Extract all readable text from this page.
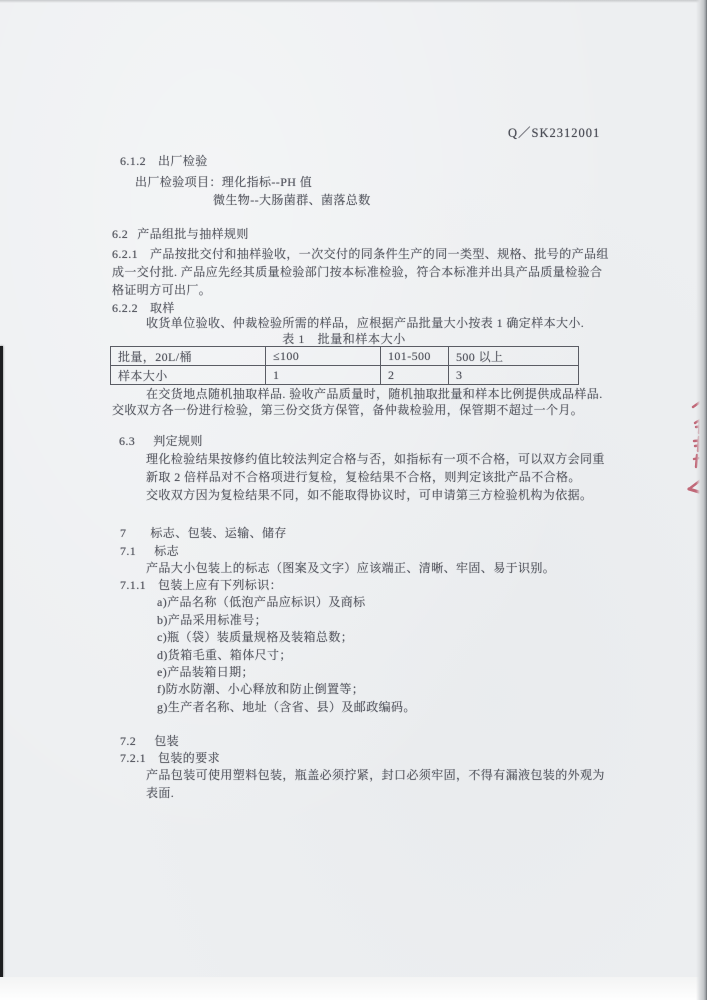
Q／SK2312001
6.1.2 出厂检验
出厂检验项目：理化指标--PH 值
微生物--大肠菌群、菌落总数
6.2 产品组批与抽样规则
6.2.1 产品按批交付和抽样验收，一次交付的同条件生产的同一类型、规格、批号的产品组
成一交付批. 产品应先经其质量检验部门按本标准检验，符合本标准并出具产品质量检验合
格证明方可出厂。
6.2.2 取样
收货单位验收、仲裁检验所需的样品，应根据产品批量大小按表 1 确定样本大小.
表 1　批量和样本大小
批量，20L/桶	≤100	101-500	500 以上
样本大小	1	2	3
在交货地点随机抽取样品. 验收产品质量时，随机抽取批量和样本比例提供成品样品.
交收双方各一份进行检验，第三份交货方保管，备仲裁检验用，保管期不超过一个月。
6.3 判定规则
理化检验结果按修约值比较法判定合格与否，如指标有一项不合格，可以双方会同重
新取 2 倍样品对不合格项进行复检，复检结果不合格，则判定该批产品不合格。
交收双方因为复检结果不同，如不能取得协议时，可申请第三方检验机构为依据。
7 标志、包装、运输、储存
7.1 标志
产品大小包装上的标志（图案及文字）应该端正、清晰、牢固、易于识别。
7.1.1 包装上应有下列标识：
a)产品名称（低泡产品应标识）及商标
b)产品采用标准号；
c)瓶（袋）装质量规格及装箱总数；
d)货箱毛重、箱体尺寸；
e)产品装箱日期；
f)防水防潮、小心释放和防止倒置等；
g)生产者名称、地址（含省、县）及邮政编码。
7.2 包装
7.2.1 包装的要求
产品包装可使用塑料包装，瓶盖必须拧紧，封口必须牢固，不得有漏液包装的外观为
表面.
